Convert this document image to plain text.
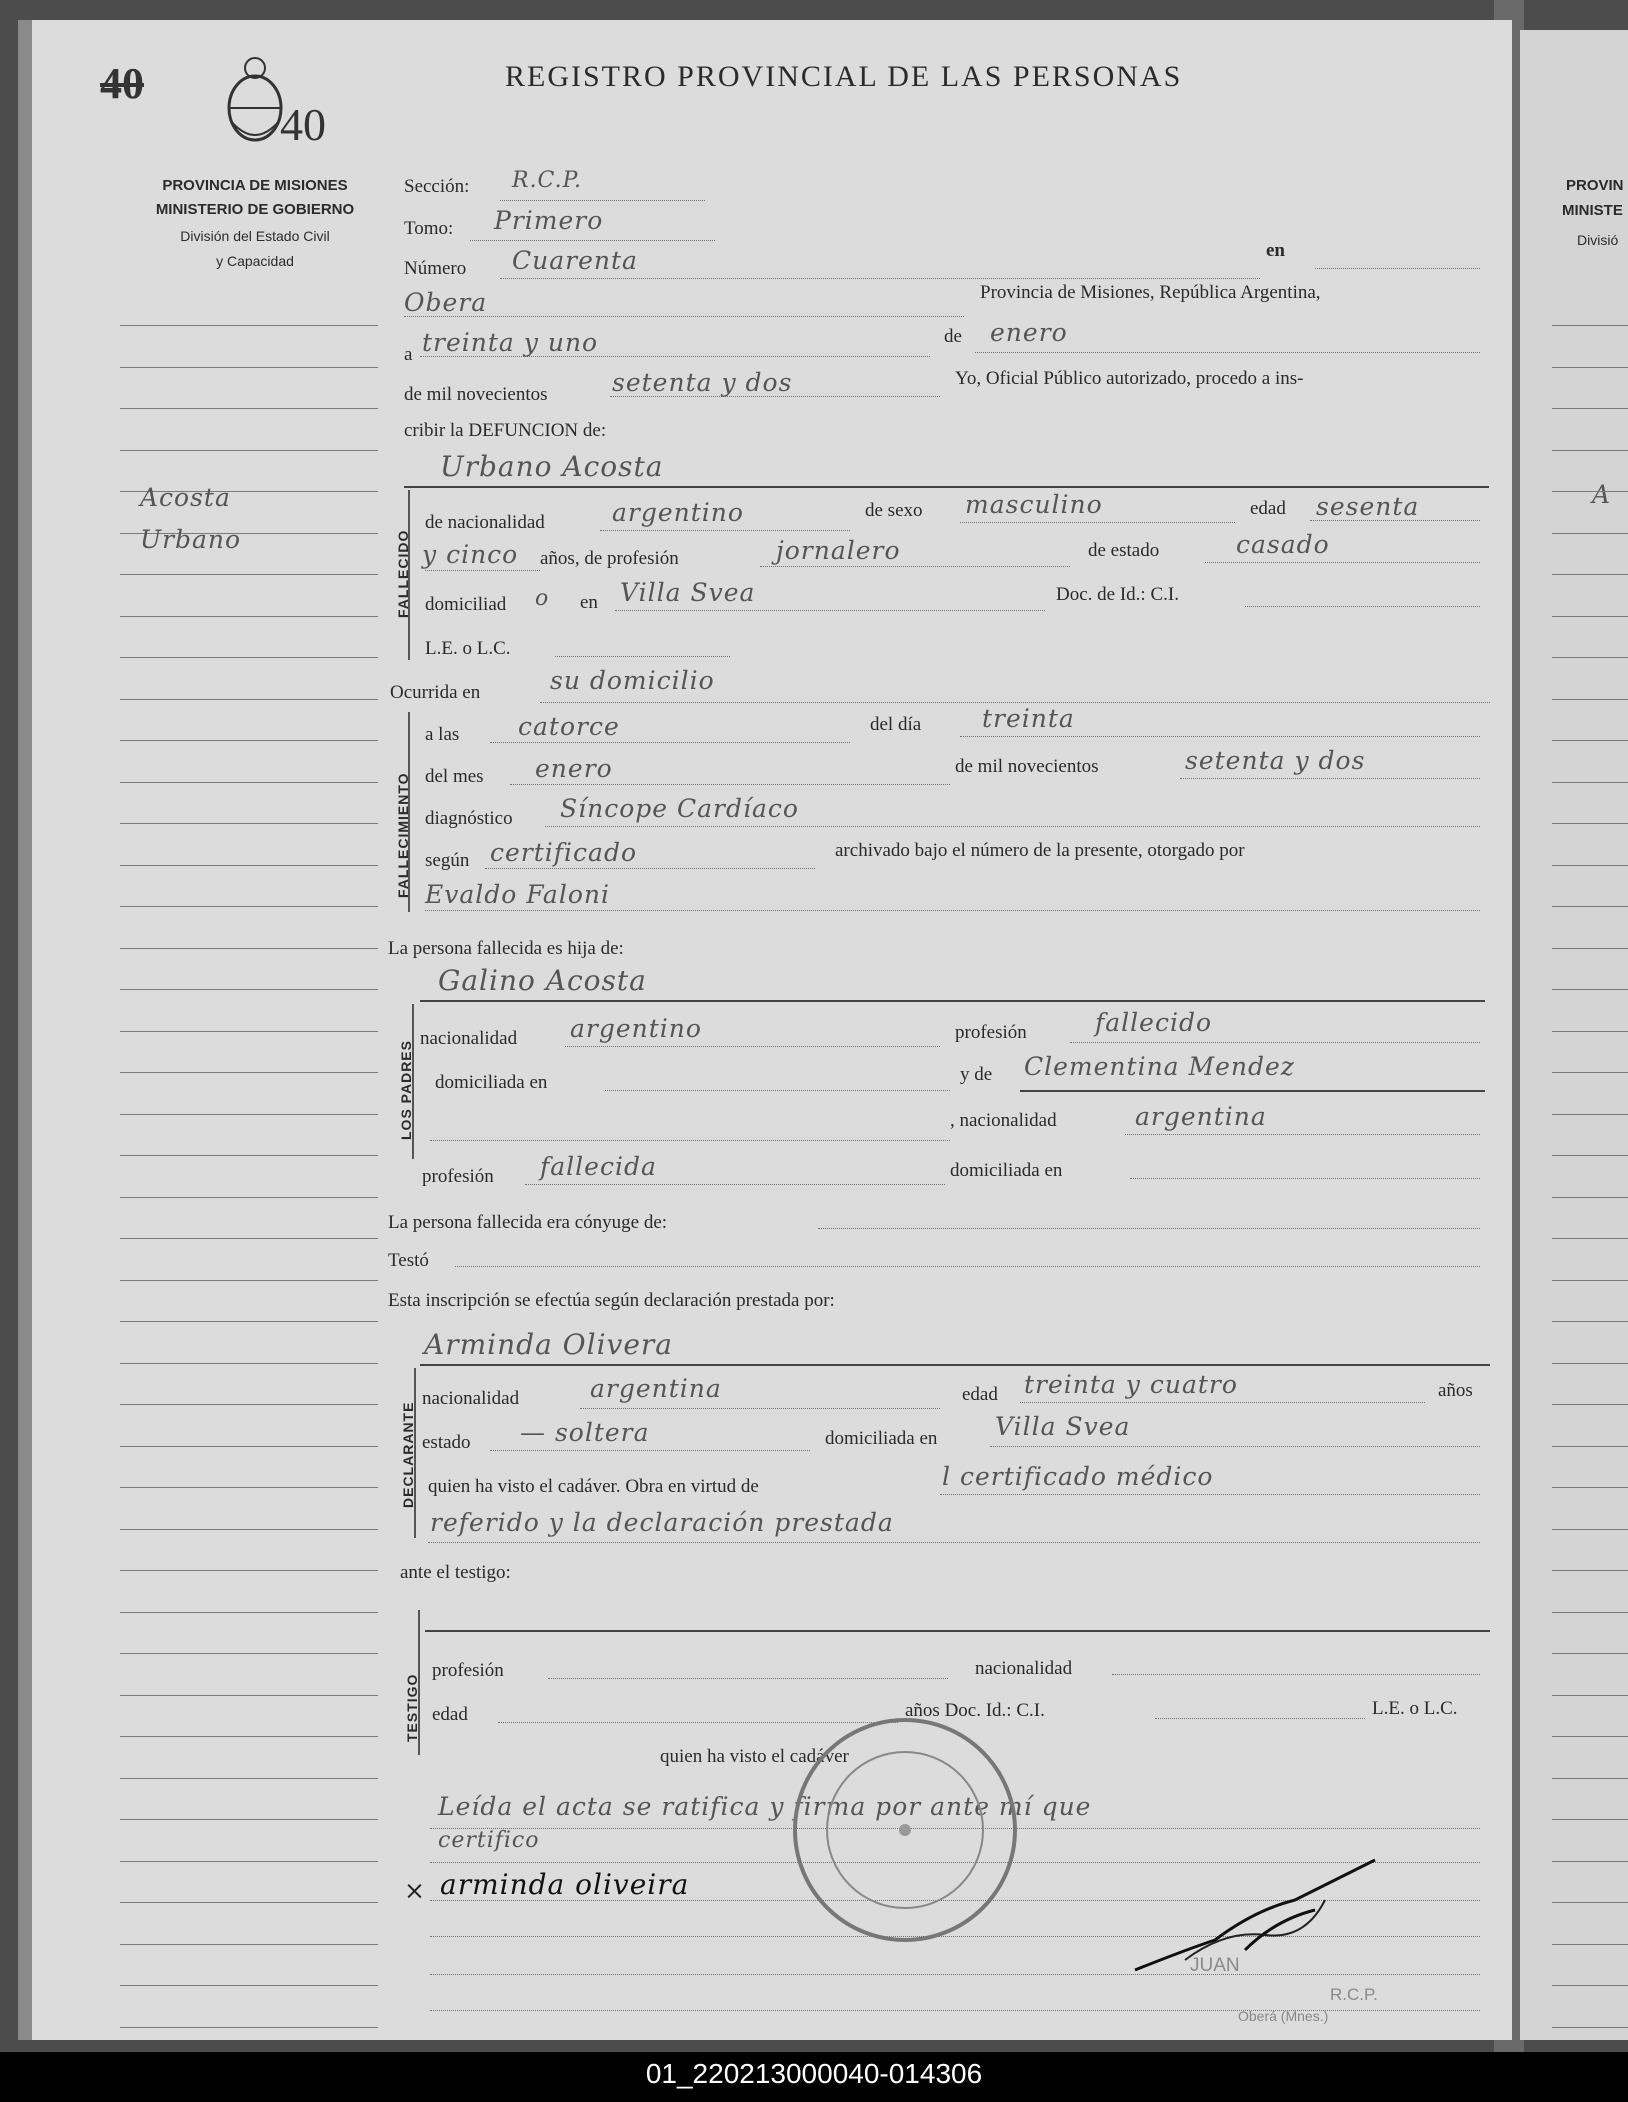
40
40
REGISTRO PROVINCIAL DE LAS PERSONAS
PROVINCIA DE MISIONES
MINISTERIO DE GOBIERNO
División del Estado Civil
y Capacidad
PROVIN
MINISTE
Divisió
A
Acosta
Urbano
Sección: R.C.P.
Tomo: Primero
Número Cuarenta	en
Obera	Provincia de Misiones, República Argentina,
a treinta y uno	de enero
de mil novecientos	setenta y dos	Yo, Oficial Público autorizado, procedo a ins-
cribir la DEFUNCION de:
Urbano Acosta
FALLECIDO
de nacionalidad	argentino	de sexo masculino	edad sesenta
y cinco años, de profesión	jornalero	de estado	casado
domiciliad o en Villa Svea	Doc. de Id.: C.I.
L.E. o L.C.
Ocurrida en	su domicilio
FALLECIMIENTO
a las catorce	del día treinta
del mes enero	de mil novecientos	setenta y dos
diagnóstico Síncope Cardíaco
según certificado	archivado bajo el número de la presente, otorgado por
Evaldo Faloni
La persona fallecida es hija de:
Galino Acosta
LOS PADRES
nacionalidad argentino	profesión	fallecido
domiciliada en	y de Clementina Mendez
, nacionalidad	argentina
profesión fallecida	domiciliada en
La persona fallecida era cónyuge de:
Testó
Esta inscripción se efectúa según declaración prestada por:
Arminda Olivera
DECLARANTE
nacionalidad	argentina	edad treinta y cuatro	años
estado — soltera	domiciliada en Villa Svea
quien ha visto el cadáver. Obra en virtud de	l certificado médico
referido y la declaración prestada
ante el testigo:
TESTIGO
profesión	nacionalidad
edad	años Doc. Id.: C.I.	L.E. o L.C.
quien ha visto el cadáver
Leída el acta se ratifica y firma por ante mí que
certifico
× arminda oliveira
JUAN
R.C.P.
Oberá (Mnes.)
01_220213000040-014306
